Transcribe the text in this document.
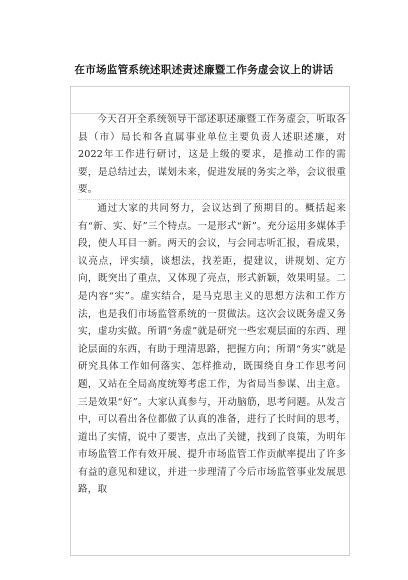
在市场监管系统述职述责述廉暨工作务虚会议上的讲话

今天召开全系统领导干部述职述廉暨工作务虚会，听取各县（市）局长和各直属事业单位主要负责人述职述廉，对2022年工作进行研讨，这是上级的要求，是推动工作的需要，是总结过去，谋划未来，促进发展的务实之举，会议很重要。

通过大家的共同努力，会议达到了预期目的。概括起来有“新、实、好”三个特点。一是形式“新”。充分运用多媒体手段，使人耳目一新。两天的会议，与会同志听汇报，看成果，议亮点，评实绩，谈想法，找差距，提建议，讲规划、定方向，既突出了重点，又体现了亮点，形式新颖，效果明显。二是内容“实”。虚实结合，是马克思主义的思想方法和工作方法，也是我们市场监管系统的一贯做法。这次会议既务虚又务实，虚功实做。所谓“务虚”就是研究一些宏观层面的东西、理论层面的东西，有助于理清思路，把握方向；所谓“务实”就是研究具体工作如何落实、怎样推动，既围绕自身工作思考问题，又站在全局高度统筹考虑工作，为省局当参谋、出主意。三是效果“好”。大家认真参与，开动脑筋，思考问题。从发言中，可以看出各位都做了认真的准备，进行了长时间的思考，道出了实情，说中了要害，点出了关键，找到了良策，为明年市场监管工作有效开展、提升市场监管工作贡献率提出了许多有益的意见和建议，并进一步理清了今后市场监管事业发展思路，取
